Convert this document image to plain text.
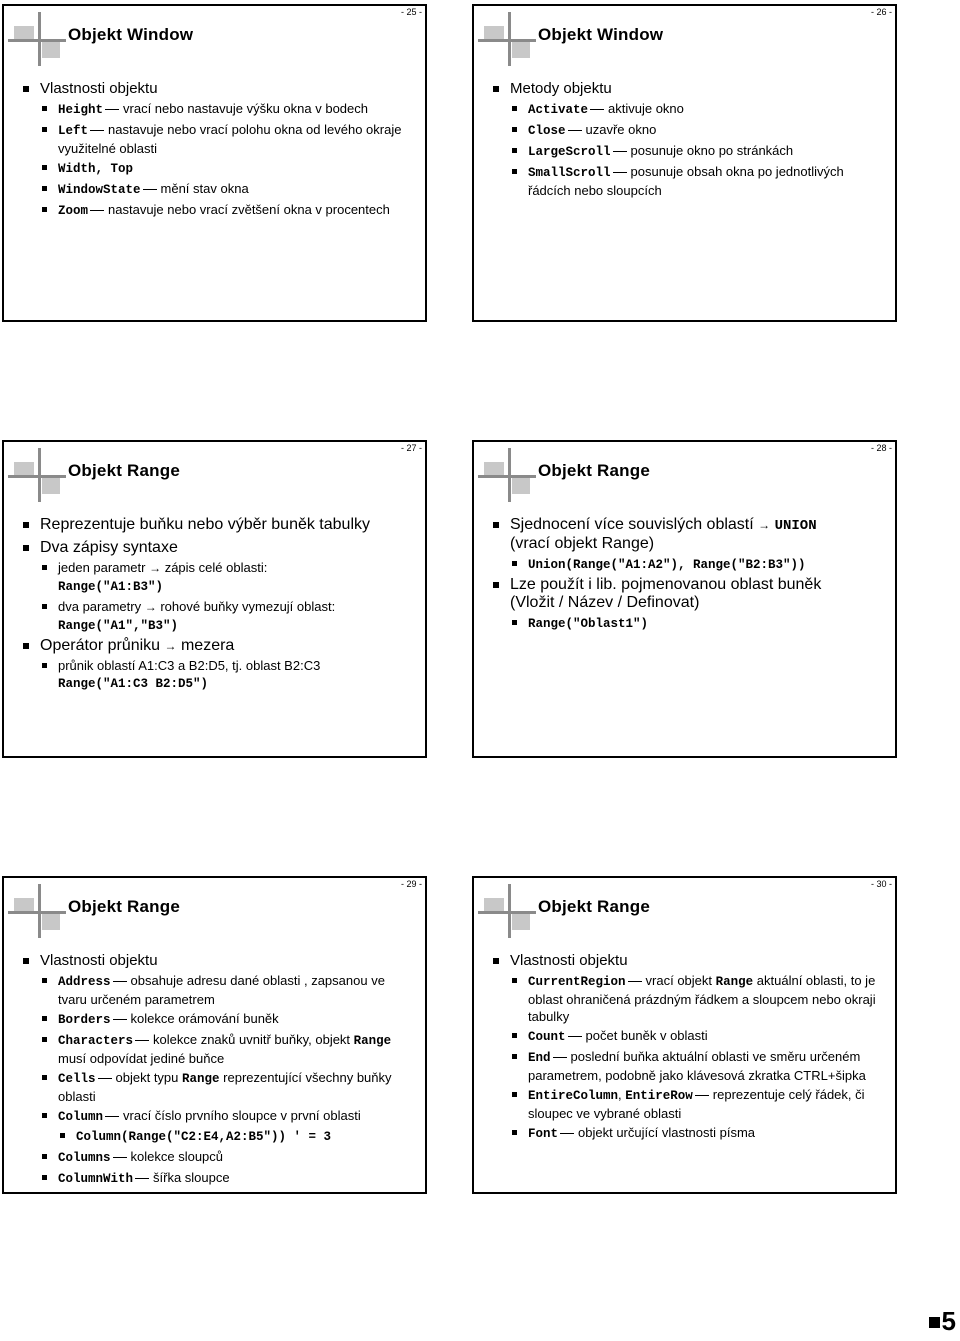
- 25 -
Objekt Window
Vlastnosti objektu
Height vrací nebo nastavuje výšku okna v bodech
Left nastavuje nebo vrací polohu okna od levého okraje využitelné oblasti
Width, Top
WindowState mění stav okna
Zoom nastavuje nebo vrací zvětšení okna v procentech
- 26 -
Objekt Window
Metody objektu
Activate aktivuje okno
Close uzavře okno
LargeScroll posunuje okno po stránkách
SmallScroll posunuje obsah okna po jednotlivých řádcích nebo sloupcích
- 27 -
Objekt Range
Reprezentuje buňku nebo výběr buněk tabulky
Dva zápisy syntaxe
jeden parametr → zápis celé oblasti:
Range("A1:B3")
dva parametry → rohové buňky vymezují oblast:
Range("A1","B3")
Operátor průniku → mezera
průnik oblastí A1:C3 a B2:D5, tj. oblast B2:C3
Range("A1:C3 B2:D5")
- 28 -
Objekt Range
Sjednocení více souvislých oblastí → UNION
(vrací objekt Range)
Union(Range("A1:A2"), Range("B2:B3"))
Lze použít i lib. pojmenovanou oblast buněk
(Vložit / Název / Definovat)
Range("Oblast1")
- 29 -
Objekt Range
Vlastnosti objektu
Address obsahuje adresu dané oblasti , zapsanou ve tvaru určeném parametrem
Borders kolekce orámování buněk
Characters kolekce znaků uvnitř buňky, objekt Range musí odpovídat jediné buňce
Cells objekt typu Range reprezentující všechny buňky oblasti
Column vrací číslo prvního sloupce v první oblasti
Column(Range("C2:E4,A2:B5")) ' = 3
Columns kolekce sloupců
ColumnWith šířka sloupce
- 30 -
Objekt Range
Vlastnosti objektu
CurrentRegion vrací objekt Range aktuální oblasti, to je oblast ohraničená prázdným řádkem a sloupcem nebo okraji tabulky
Count počet buněk v oblasti
End poslední buňka aktuální oblasti ve směru určeném parametrem, podobně jako klávesová zkratka CTRL+šipka
EntireColumn, EntireRow reprezentuje celý řádek, či sloupec ve vybrané oblasti
Font objekt určující vlastnosti písma
5
